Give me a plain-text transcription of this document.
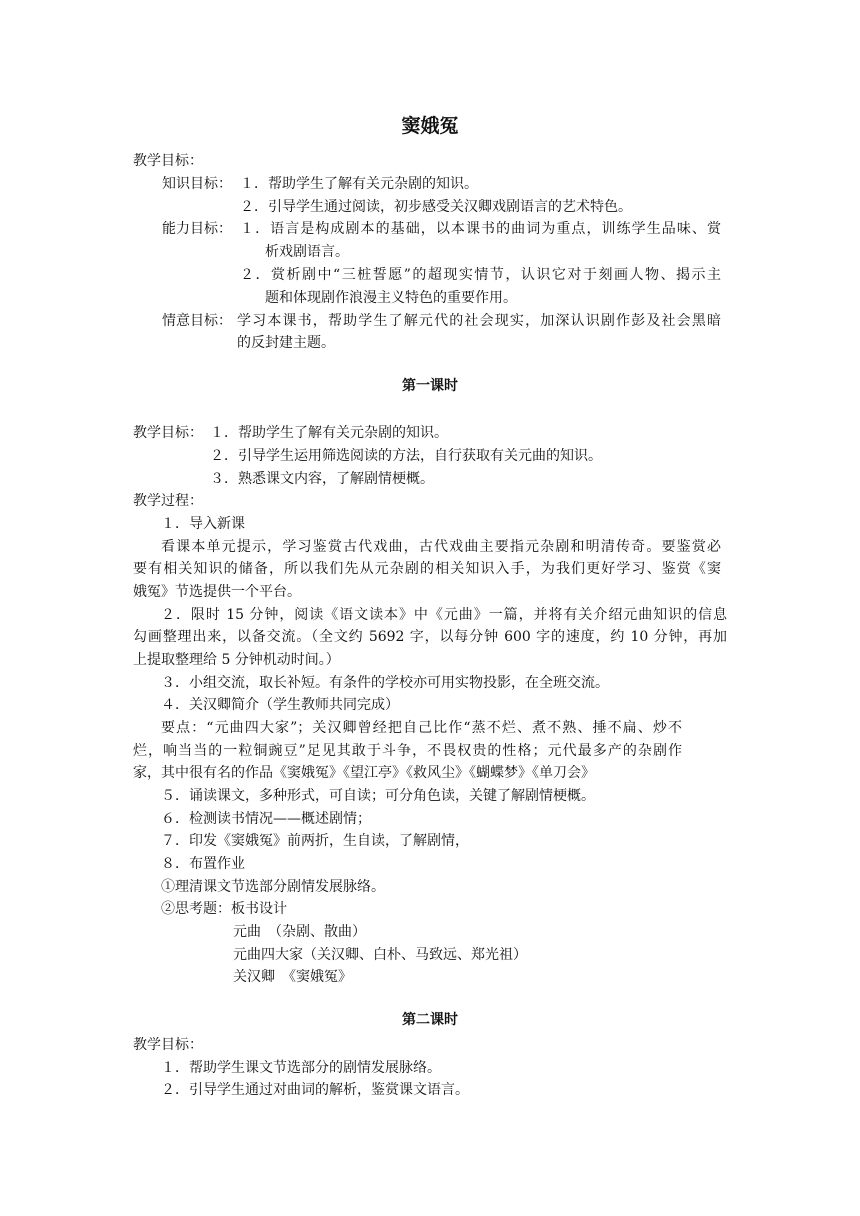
窦娥冤
教学目标：
知识目标： １．帮助学生了解有关元杂剧的知识。
２．引导学生通过阅读，初步感受关汉卿戏剧语言的艺术特色。
能力目标： １．语言是构成剧本的基础，以本课书的曲词为重点，训练学生品味、赏
析戏剧语言。
２．赏析剧中“三桩誓愿”的超现实情节，认识它对于刻画人物、揭示主
题和体现剧作浪漫主义特色的重要作用。
情意目标： 学习本课书，帮助学生了解元代的社会现实，加深认识剧作彭及社会黑暗
的反封建主题。
第一课时
教学目标： １．帮助学生了解有关元杂剧的知识。
２．引导学生运用筛选阅读的方法，自行获取有关元曲的知识。
３．熟悉课文内容，了解剧情梗概。
教学过程：
１．导入新课
看课本单元提示，学习鉴赏古代戏曲，古代戏曲主要指元杂剧和明清传奇。要鉴赏必
要有相关知识的储备，所以我们先从元杂剧的相关知识入手，为我们更好学习、鉴赏《窦
娥冤》节选提供一个平台。
２．限时 15 分钟，阅读《语文读本》中《元曲》一篇，并将有关介绍元曲知识的信息
勾画整理出来，以备交流。（全文约 5692 字，以每分钟 600 字的速度，约 10 分钟，再加
上提取整理给 5 分钟机动时间。）
３．小组交流，取长补短。有条件的学校亦可用实物投影，在全班交流。
４．关汉卿简介（学生教师共同完成）
要点：“元曲四大家”；关汉卿曾经把自己比作“蒸不烂、煮不熟、捶不扁、炒不
烂，响当当的一粒铜豌豆”足见其敢于斗争，不畏权贵的性格；元代最多产的杂剧作
家，其中很有名的作品《窦娥冤》《望江亭》《救风尘》《蝴蝶梦》《单刀会》
５．诵读课文，多种形式，可自读；可分角色读，关键了解剧情梗概。
６．检测读书情况——概述剧情；
７．印发《窦娥冤》前两折，生自读，了解剧情，
８．布置作业
①理清课文节选部分剧情发展脉络。
②思考题：板书设计
元曲　（杂剧、散曲）
元曲四大家（关汉卿、白朴、马致远、郑光祖）
关汉卿　《窦娥冤》
第二课时
教学目标：
１．帮助学生课文节选部分的剧情发展脉络。
２．引导学生通过对曲词的解析，鉴赏课文语言。
